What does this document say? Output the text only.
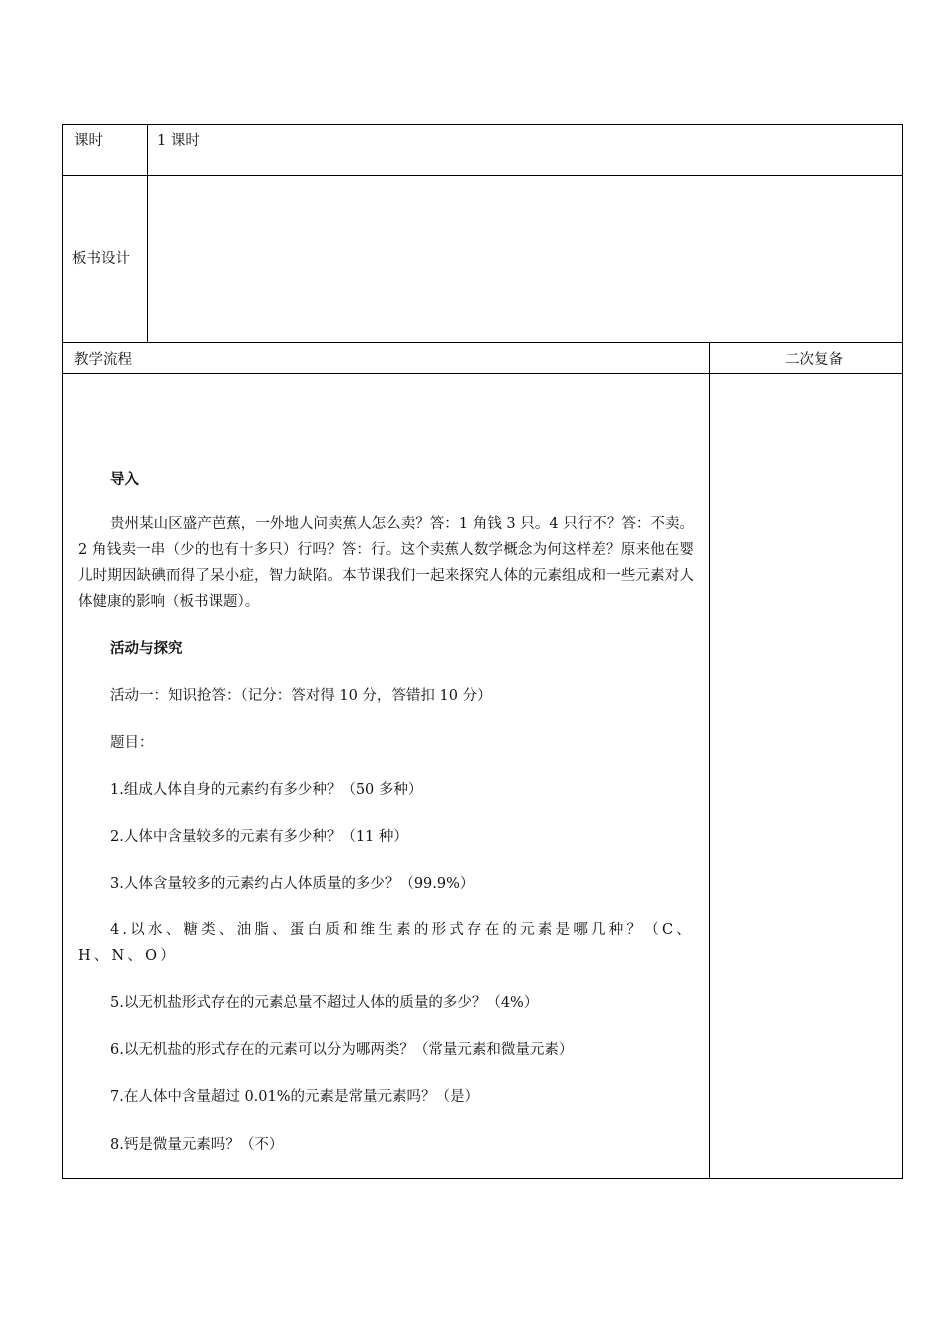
课时	1 课时
板书设计
教学流程	二次复备
导入
贵州某山区盛产芭蕉，一外地人问卖蕉人怎么卖？答：1 角钱 3 只。4 只行不？答：不卖。2 角钱卖一串（少的也有十多只）行吗？答：行。这个卖蕉人数学概念为何这样差？原来他在婴儿时期因缺碘而得了呆小症，智力缺陷。本节课我们一起来探究人体的元素组成和一些元素对人体健康的影响（板书课题）。
活动与探究
活动一：知识抢答：（记分：答对得 10 分，答错扣 10 分）
题目：
1.组成人体自身的元素约有多少种？（50 多种）
2.人体中含量较多的元素有多少种？（11 种）
3.人体含量较多的元素约占人体质量的多少？（99.9%）
4.以水、糖类、油脂、蛋白质和维生素的形式存在的元素是哪几种？（C、H、N、O）
5.以无机盐形式存在的元素总量不超过人体的质量的多少？（4%）
6.以无机盐的形式存在的元素可以分为哪两类？（常量元素和微量元素）
7.在人体中含量超过 0.01%的元素是常量元素吗？（是）
8.钙是微量元素吗？（不）
